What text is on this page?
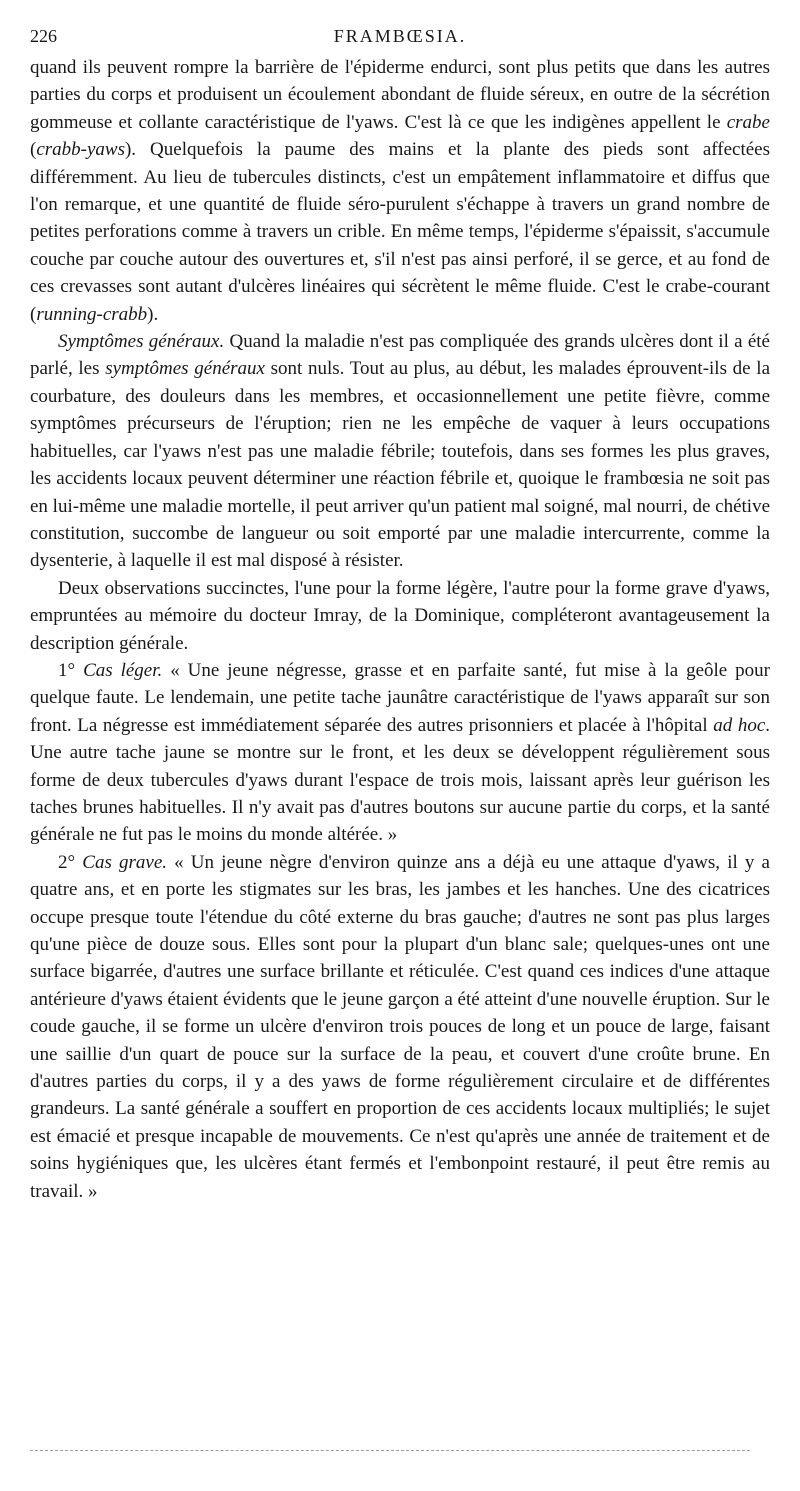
226	FRAMBŒSIA.

quand ils peuvent rompre la barrière de l'épiderme endurci, sont plus petits que dans les autres parties du corps et produisent un écoulement abondant de fluide séreux, en outre de la sécrétion gommeuse et collante caractéristique de l'yaws. C'est là ce que les indigènes appellent le crabe (crabb-yaws). Quelquefois la paume des mains et la plante des pieds sont affectées différemment. Au lieu de tubercules distincts, c'est un empâtement inflammatoire et diffus que l'on remarque, et une quantité de fluide séro-purulent s'échappe à travers un grand nombre de petites perforations comme à travers un crible. En même temps, l'épiderme s'épaissit, s'accumule couche par couche autour des ouvertures et, s'il n'est pas ainsi perforé, il se gerce, et au fond de ces crevasses sont autant d'ulcères linéaires qui sécrètent le même fluide. C'est le crabe-courant (running-crabb).

Symptômes généraux. Quand la maladie n'est pas compliquée des grands ulcères dont il a été parlé, les symptômes généraux sont nuls. Tout au plus, au début, les malades éprouvent-ils de la courbature, des douleurs dans les membres, et occasionnellement une petite fièvre, comme symptômes précurseurs de l'éruption; rien ne les empêche de vaquer à leurs occupations habituelles, car l'yaws n'est pas une maladie fébrile; toutefois, dans ses formes les plus graves, les accidents locaux peuvent déterminer une réaction fébrile et, quoique le frambœsia ne soit pas en lui-même une maladie mortelle, il peut arriver qu'un patient mal soigné, mal nourri, de chétive constitution, succombe de langueur ou soit emporté par une maladie intercurrente, comme la dysenterie, à laquelle il est mal disposé à résister.

Deux observations succinctes, l'une pour la forme légère, l'autre pour la forme grave d'yaws, empruntées au mémoire du docteur Imray, de la Dominique, compléteront avantageusement la description générale.

1° Cas léger. « Une jeune négresse, grasse et en parfaite santé, fut mise à la geôle pour quelque faute. Le lendemain, une petite tache jaunâtre caractéristique de l'yaws apparaît sur son front. La négresse est immédiatement séparée des autres prisonniers et placée à l'hôpital ad hoc. Une autre tache jaune se montre sur le front, et les deux se développent régulièrement sous forme de deux tubercules d'yaws durant l'espace de trois mois, laissant après leur guérison les taches brunes habituelles. Il n'y avait pas d'autres boutons sur aucune partie du corps, et la santé générale ne fut pas le moins du monde altérée. »

2° Cas grave. « Un jeune nègre d'environ quinze ans a déjà eu une attaque d'yaws, il y a quatre ans, et en porte les stigmates sur les bras, les jambes et les hanches. Une des cicatrices occupe presque toute l'étendue du côté externe du bras gauche; d'autres ne sont pas plus larges qu'une pièce de douze sous. Elles sont pour la plupart d'un blanc sale; quelques-unes ont une surface bigarrée, d'autres une surface brillante et réticulée. C'est quand ces indices d'une attaque antérieure d'yaws étaient évidents que le jeune garçon a été atteint d'une nouvelle éruption. Sur le coude gauche, il se forme un ulcère d'environ trois pouces de long et un pouce de large, faisant une saillie d'un quart de pouce sur la surface de la peau, et couvert d'une croûte brune. En d'autres parties du corps, il y a des yaws de forme régulièrement circulaire et de différentes grandeurs. La santé générale a souffert en proportion de ces accidents locaux multipliés; le sujet est émacié et presque incapable de mouvements. Ce n'est qu'après une année de traitement et de soins hygiéniques que, les ulcères étant fermés et l'embonpoint restauré, il peut être remis au travail. »
